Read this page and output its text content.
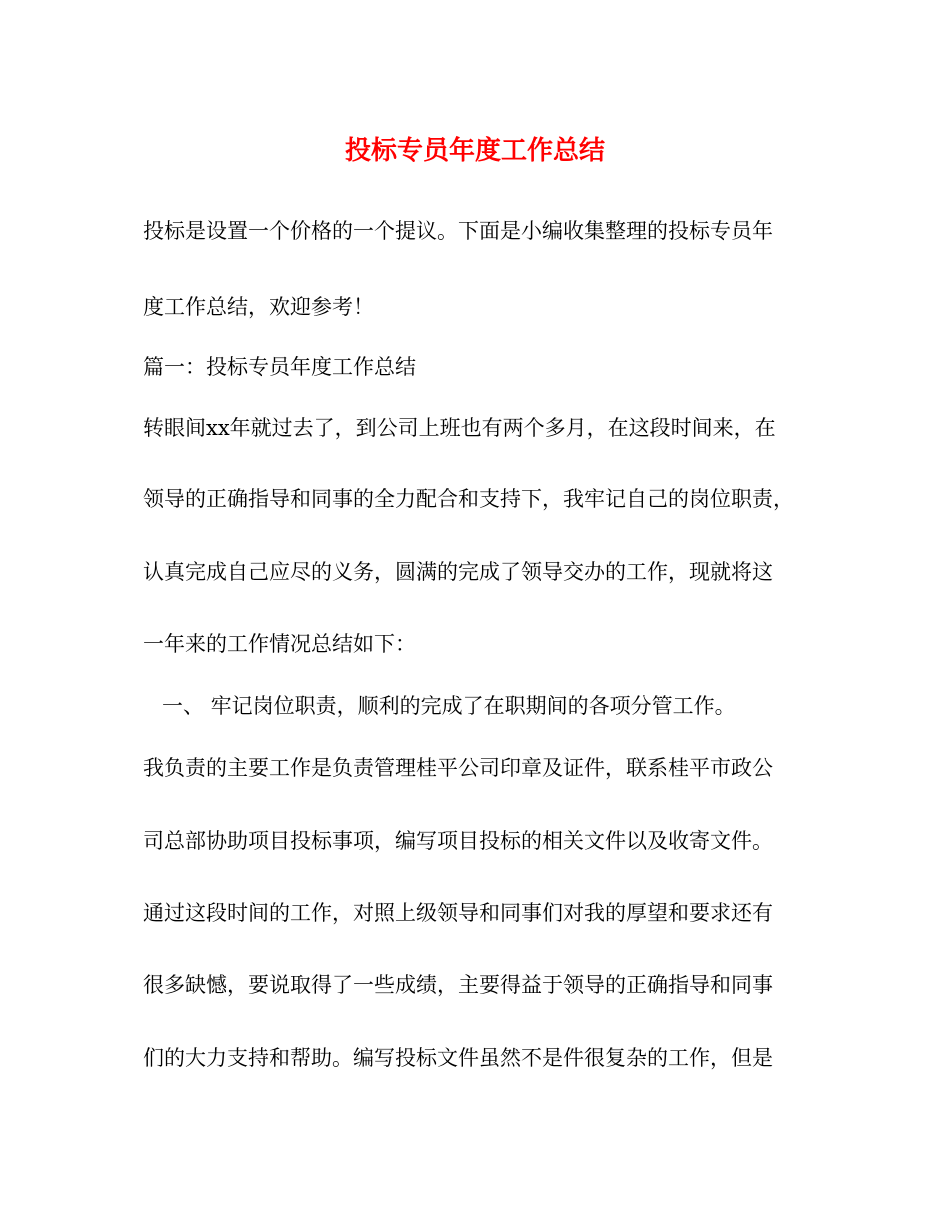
投标专员年度工作总结
投标是设置一个价格的一个提议。下面是小编收集整理的投标专员年
度工作总结，欢迎参考！
篇一：投标专员年度工作总结
转眼间xx年就过去了，到公司上班也有两个多月，在这段时间来，在
领导的正确指导和同事的全力配合和支持下，我牢记自己的岗位职责，
认真完成自己应尽的义务，圆满的完成了领导交办的工作，现就将这
一年来的工作情况总结如下：
一、 牢记岗位职责，顺利的完成了在职期间的各项分管工作。
我负责的主要工作是负责管理桂平公司印章及证件，联系桂平市政公
司总部协助项目投标事项，编写项目投标的相关文件以及收寄文件。
通过这段时间的工作，对照上级领导和同事们对我的厚望和要求还有
很多缺憾，要说取得了一些成绩，主要得益于领导的正确指导和同事
们的大力支持和帮助。编写投标文件虽然不是件很复杂的工作，但是
